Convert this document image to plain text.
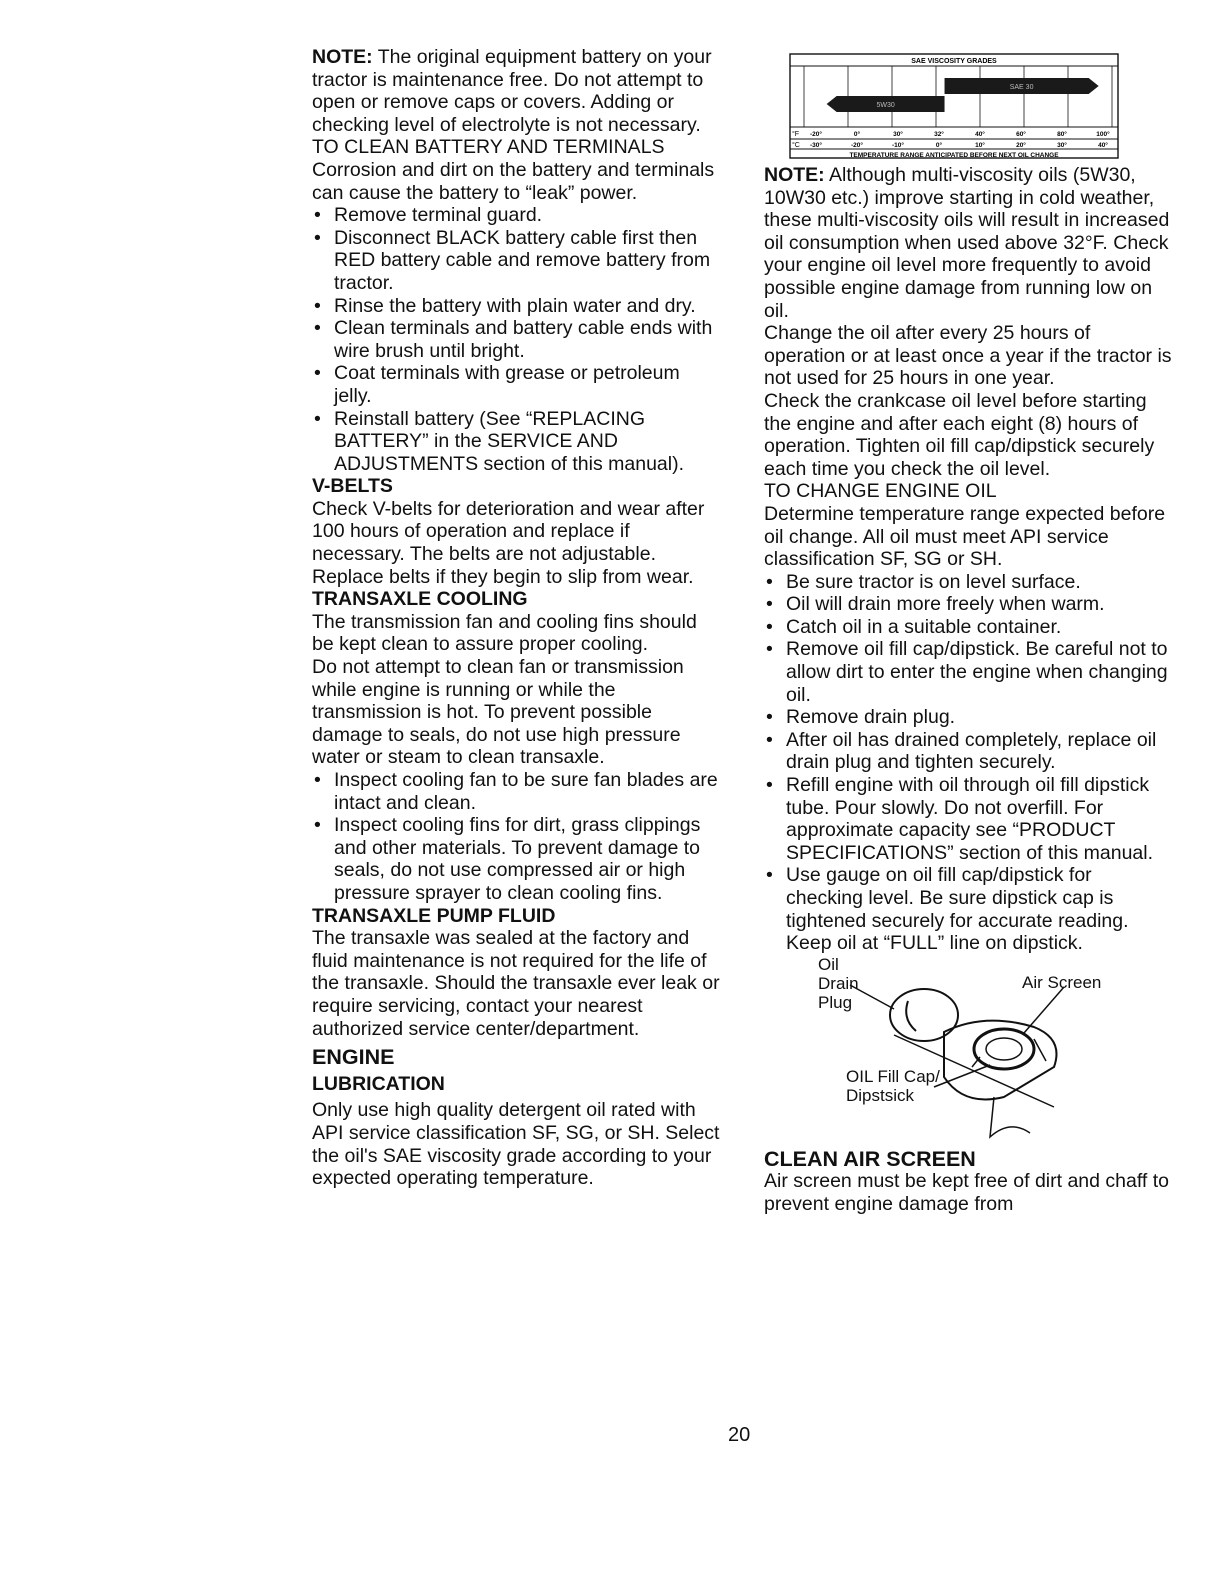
NOTE: The original equipment battery on your tractor is maintenance free. Do not attempt to open or remove caps or covers. Adding or checking level of electrolyte is not necessary.

TO CLEAN BATTERY AND TERMINALS

Corrosion and dirt on the battery and terminals can cause the battery to “leak” power.

• Remove terminal guard.
• Disconnect BLACK battery cable first then RED battery cable and remove battery from tractor.
• Rinse the battery with plain water and dry.
• Clean terminals and battery cable ends with wire brush until bright.
• Coat terminals with grease or petroleum jelly.
• Reinstall battery (See “REPLACING BATTERY” in the SERVICE AND ADJUSTMENTS section of this manual).

V-BELTS

Check V-belts for deterioration and wear after 100 hours of operation and replace if necessary. The belts are not adjustable. Replace belts if they begin to slip from wear.

TRANSAXLE COOLING

The transmission fan and cooling fins should be kept clean to assure proper cooling.

Do not attempt to clean fan or transmission while engine is running or while the transmission is hot. To prevent possible damage to seals, do not use high pressure water or steam to clean transaxle.

• Inspect cooling fan to be sure fan blades are intact and clean.
• Inspect cooling fins for dirt, grass clippings and other materials. To prevent damage to seals, do not use compressed air or high pressure sprayer to clean cooling fins.

TRANSAXLE PUMP FLUID

The transaxle was sealed at the factory and fluid maintenance is not required for the life of the transaxle. Should the transaxle ever leak or require servicing, contact your nearest authorized service center/department.

ENGINE

LUBRICATION

Only use high quality detergent oil rated with API service classification SF, SG, or SH. Select the oil's SAE viscosity grade according to your expected operating temperature.

SAE VISCOSITY GRADES
5W30
SAE 30
-20°	0°	30°	32°	40°	60°	80°	100°
-30°	-20°	-10°	0°	10°	20°	30°	40°
°F
°C
TEMPERATURE RANGE ANTICIPATED BEFORE NEXT OIL CHANGE

NOTE: Although multi-viscosity oils (5W30, 10W30 etc.) improve starting in cold weather, these multi-viscosity oils will result in increased oil consumption when used above 32°F. Check your engine oil level more frequently to avoid possible engine damage from running low on oil.

Change the oil after every 25 hours of operation or at least once a year if the tractor is not used for 25 hours in one year.

Check the crankcase oil level before starting the engine and after each eight (8) hours of operation. Tighten oil fill cap/dipstick securely each time you check the oil level.

TO CHANGE ENGINE OIL

Determine temperature range expected before oil change. All oil must meet API service classification SF, SG or SH.

• Be sure tractor is on level surface.
• Oil will drain more freely when warm.
• Catch oil in a suitable container.
• Remove oil fill cap/dipstick. Be careful not to allow dirt to enter the engine when changing oil.
• Remove drain plug.
• After oil has drained completely, replace oil drain plug and tighten securely.
• Refill engine with oil through oil fill dipstick tube. Pour slowly. Do not overfill. For approximate capacity see “PRODUCT SPECIFICATIONS” section of this manual.
• Use gauge on oil fill cap/dipstick for checking level. Be sure dipstick cap is tightened securely for accurate reading. Keep oil at “FULL” line on dipstick.
Oil
Drain
Plug
Air Screen
OIL Fill Cap/
Dipstsick

CLEAN AIR SCREEN

Air screen must be kept free of dirt and chaff to prevent engine damage from

20
